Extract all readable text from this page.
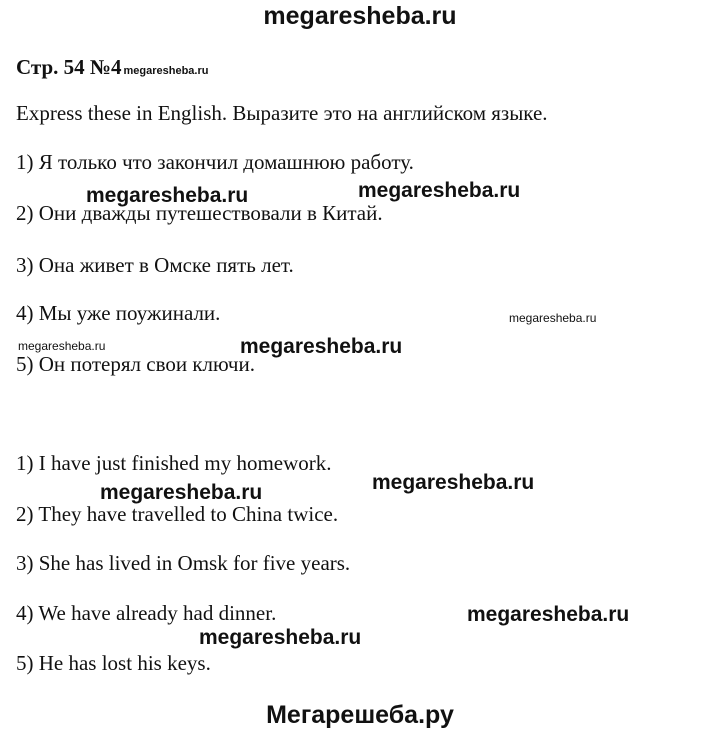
megaresheba.ru
Стр. 54 №4 megaresheba.ru
Express these in English. Выразите это на английском языке.
1) Я только что закончил домашнюю работу.
2) Они дважды путешествовали в Китай.
3) Она живет в Омске пять лет.
4) Мы уже поужинали.
5) Он потерял свои ключи.
1) I have just finished my homework.
2) They have travelled to China twice.
3) She has lived in Omsk for five years.
4) We have already had dinner.
5) He has lost his keys.
megaresheba.ru	megaresheba.ru
megaresheba.ru
megaresheba.ru	megaresheba.ru
megaresheba.ru	megaresheba.ru
megaresheba.ru
megaresheba.ru
Мегарешеба.ру
